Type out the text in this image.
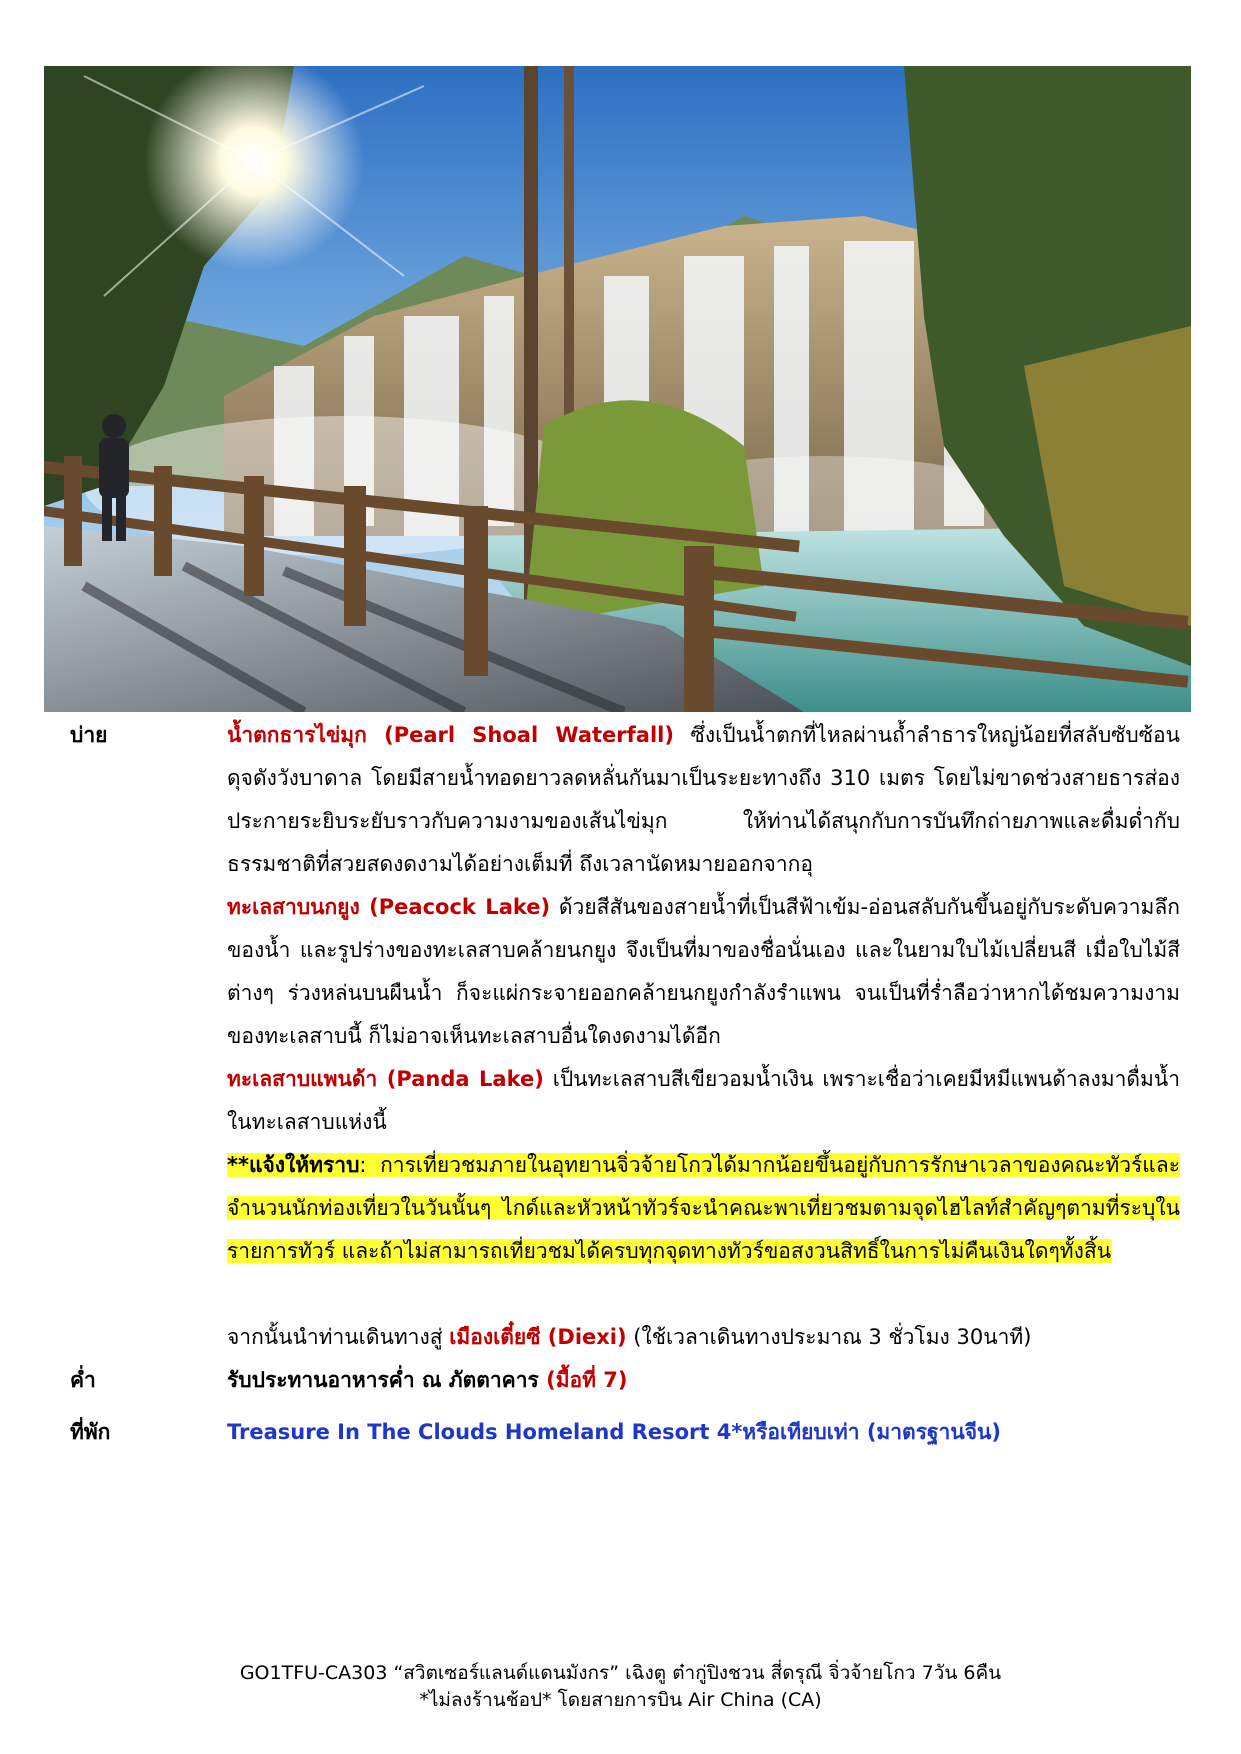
บ่าย	น้ำตกธารไข่มุก (Pearl Shoal Waterfall) ซึ่งเป็นน้ำตกที่ไหลผ่านถ้ำลำธารใหญ่น้อยที่สลับซับซ้อนดุจดังวังบาดาล โดยมีสายน้ำทอดยาวลดหลั่นกันมาเป็นระยะทางถึง 310 เมตร โดยไม่ขาดช่วงสายธารส่องประกายระยิบระยับราวกับความงามของเส้นไข่มุก ให้ท่านได้สนุกกับการบันทึกถ่ายภาพและดื่มด่ำกับธรรมชาติที่สวยสดงดงามได้อย่างเต็มที่ ถึงเวลานัดหมายออกจากอุ
ทะเลสาบนกยูง (Peacock Lake) ด้วยสีสันของสายน้ำที่เป็นสีฟ้าเข้ม-อ่อนสลับกันขึ้นอยู่กับระดับความลึกของน้ำ และรูปร่างของทะเลสาบคล้ายนกยูง จึงเป็นที่มาของชื่อนั่นเอง และในยามใบไม้เปลี่ยนสี เมื่อใบไม้สีต่างๆ ร่วงหล่นบนผืนน้ำ ก็จะแผ่กระจายออกคล้ายนกยูงกำลังรำแพน จนเป็นที่ร่ำลือว่าหากได้ชมความงามของทะเลสาบนี้ ก็ไม่อาจเห็นทะเลสาบอื่นใดงดงามได้อีก
ทะเลสาบแพนด้า (Panda Lake) เป็นทะเลสาบสีเขียวอมน้ำเงิน เพราะเชื่อว่าเคยมีหมีแพนด้าลงมาดื่มน้ำในทะเลสาบแห่งนี้
**แจ้งให้ทราบ: การเที่ยวชมภายในอุทยานจิ่วจ้ายโกวได้มากน้อยขึ้นอยู่กับการรักษาเวลาของคณะทัวร์และจำนวนนักท่องเที่ยวในวันนั้นๆ ไกด์และหัวหน้าทัวร์จะนำคณะพาเที่ยวชมตามจุดไฮไลท์สำคัญๆตามที่ระบุในรายการทัวร์ และถ้าไม่สามารถเที่ยวชมได้ครบทุกจุดทางทัวร์ขอสงวนสิทธิ์ในการไม่คืนเงินใดๆทั้งสิ้น
จากนั้นนำท่านเดินทางสู่ เมืองเตี๋ยซี (Diexi) (ใช้เวลาเดินทางประมาณ 3 ชั่วโมง 30นาที)
ค่ำ	รับประทานอาหารค่ำ ณ ภัตตาคาร (มื้อที่ 7)
ที่พัก	Treasure In The Clouds Homeland Resort 4*หรือเทียบเท่า (มาตรฐานจีน)
GO1TFU-CA303 “สวิตเซอร์แลนด์แดนมังกร” เฉิงตู ต๋ากู่ปิงชวน สี่ดรุณี จิ่วจ้ายโกว 7วัน 6คืน
*ไม่ลงร้านช้อป* โดยสายการบิน Air China (CA)
